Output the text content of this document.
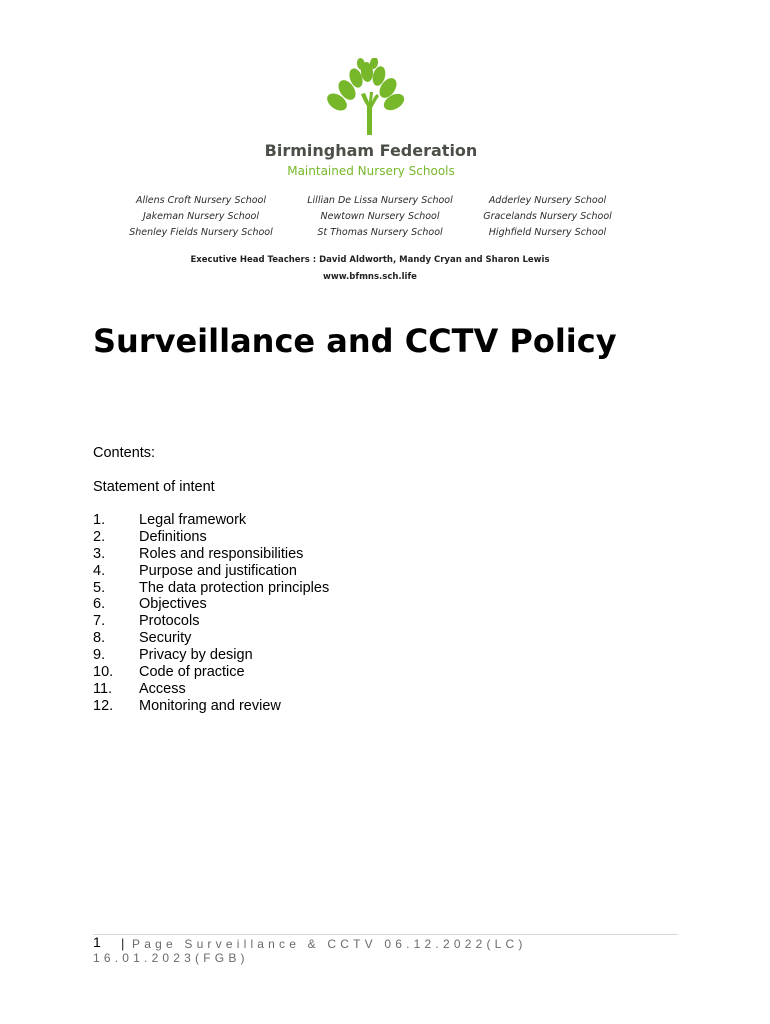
Birmingham Federation
Maintained Nursery Schools
Allens Croft Nursery School
Jakeman Nursery School
Shenley Fields Nursery School
Lillian De Lissa Nursery School
Newtown Nursery School
St Thomas Nursery School
Adderley Nursery School
Gracelands Nursery School
Highfield Nursery School
Executive Head Teachers : David Aldworth, Mandy Cryan and Sharon Lewis
www.bfmns.sch.life
Surveillance and CCTV Policy
Contents:
Statement of intent
1. Legal framework
2. Definitions
3. Roles and responsibilities
4. Purpose and justification
5. The data protection principles
6. Objectives
7. Protocols
8. Security
9. Privacy by design
10. Code of practice
11. Access
12. Monitoring and review
1 | Page Surveillance & CCTV 06.12.2022(LC)
16.01.2023(FGB)
